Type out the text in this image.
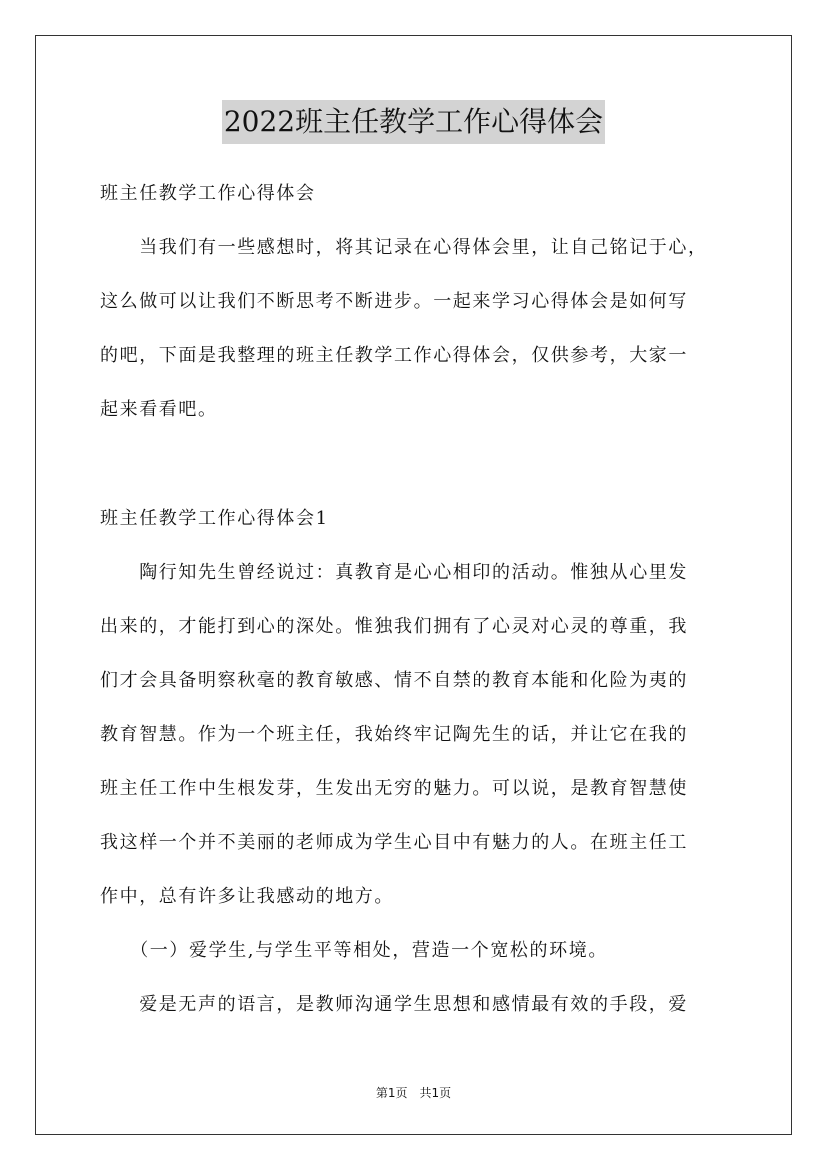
2022班主任教学工作心得体会
班主任教学工作心得体会
　　当我们有一些感想时，将其记录在心得体会里，让自己铭记于心，
这么做可以让我们不断思考不断进步。一起来学习心得体会是如何写
的吧，下面是我整理的班主任教学工作心得体会，仅供参考，大家一
起来看看吧。
班主任教学工作心得体会1
　　陶行知先生曾经说过：真教育是心心相印的活动。惟独从心里发
出来的，才能打到心的深处。惟独我们拥有了心灵对心灵的尊重，我
们才会具备明察秋毫的教育敏感、情不自禁的教育本能和化险为夷的
教育智慧。作为一个班主任，我始终牢记陶先生的话，并让它在我的
班主任工作中生根发芽，生发出无穷的魅力。可以说，是教育智慧使
我这样一个并不美丽的老师成为学生心目中有魅力的人。在班主任工
作中，总有许多让我感动的地方。
　　（一）爱学生,与学生平等相处，营造一个宽松的环境。
　　爱是无声的语言，是教师沟通学生思想和感情最有效的手段，爱
第1页　共1页
